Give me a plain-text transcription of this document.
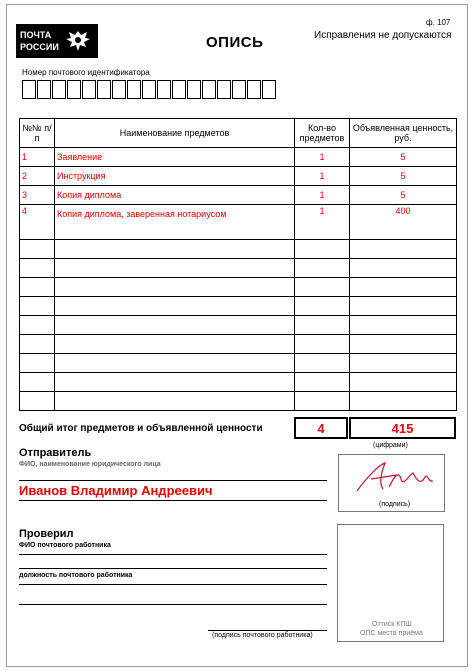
ПОЧТА
РОССИИ	ОПИСЬ
ф. 107
Исправления не допускаются
Номер почтового идентификатора
№№ п/п	Наименование предметов	Кол-во предметов	Объявленная ценность, руб.
1	Заявление	1	5
2	Инструкция	1	5
3	Копия диплома	1	5
4	Копия диплома, заверенная нотариусом	1	400

Общий итог предметов и объявленной ценности	4	415
(цифрами)
Отправитель
ФИО, наименование юридического лица
Иванов Владимир Андреевич
(подпись)
Проверил
ФИО почтового работника
должность почтового работника
(подпись почтового работника)
Оттиск КПШ
ОПС места приёма
